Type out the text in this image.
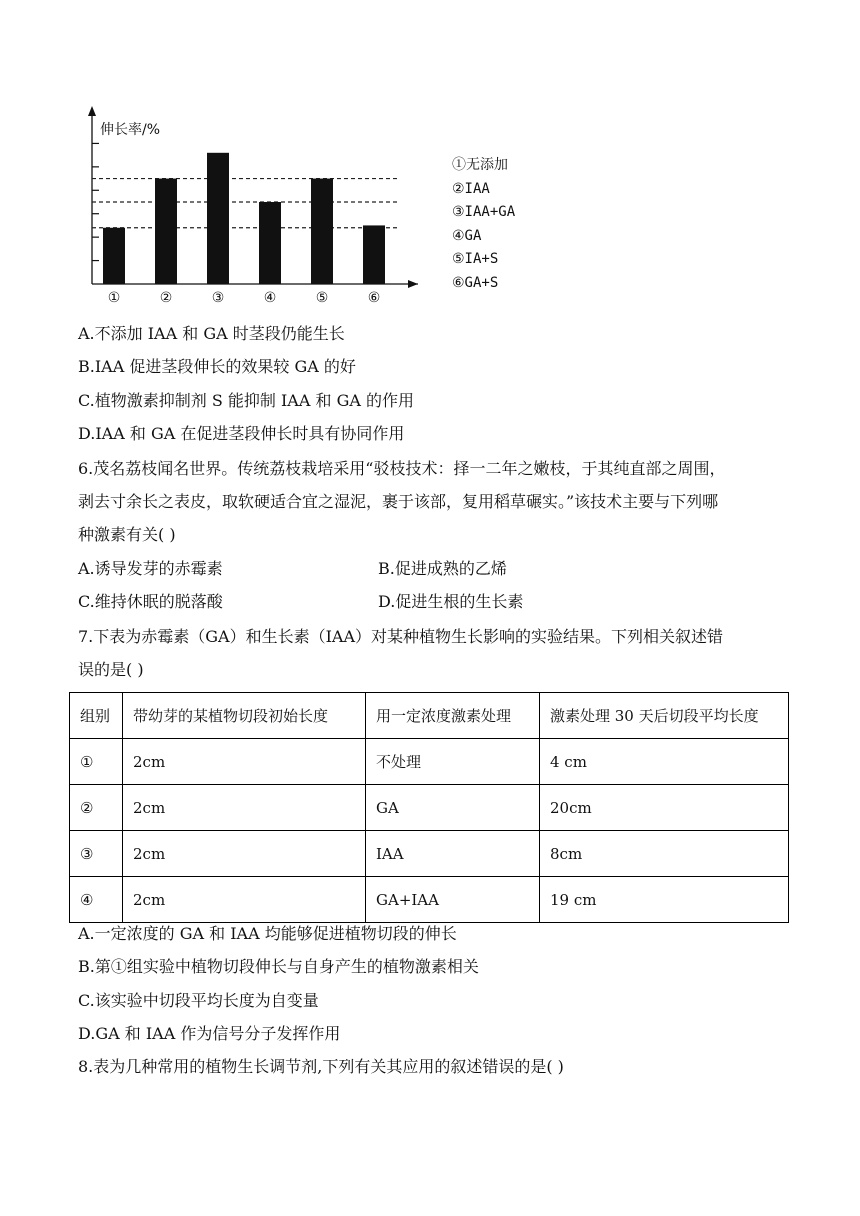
①	②	③	④	⑤	⑥
伸长率/%
①无添加
②IAA
③IAA+GA
④GA
⑤IA+S
⑥GA+S
A.不添加 IAA 和 GA 时茎段仍能生长
B.IAA 促进茎段伸长的效果较 GA 的好
C.植物激素抑制剂 S 能抑制 IAA 和 GA 的作用
D.IAA 和 GA 在促进茎段伸长时具有协同作用
6.茂名荔枝闻名世界。传统荔枝栽培采用“驳枝技术：择一二年之嫩枝，于其纯直部之周围，
剥去寸余长之表皮，取软硬适合宜之湿泥，裹于该部，复用稻草碾实。”该技术主要与下列哪
种激素有关( )
A.诱导发芽的赤霉素	B.促进成熟的乙烯
C.维持休眠的脱落酸	D.促进生根的生长素
7.下表为赤霉素（GA）和生长素（IAA）对某种植物生长影响的实验结果。下列相关叙述错
误的是( )
组别	带幼芽的某植物切段初始长度	用一定浓度激素处理	激素处理 30 天后切段平均长度
①	2cm	不处理	4 cm
②	2cm	GA	20cm
③	2cm	IAA	8cm
④	2cm	GA+IAA	19 cm
A.一定浓度的 GA 和 IAA 均能够促进植物切段的伸长
B.第①组实验中植物切段伸长与自身产生的植物激素相关
C.该实验中切段平均长度为自变量
D.GA 和 IAA 作为信号分子发挥作用
8.表为几种常用的植物生长调节剂,下列有关其应用的叙述错误的是( )
